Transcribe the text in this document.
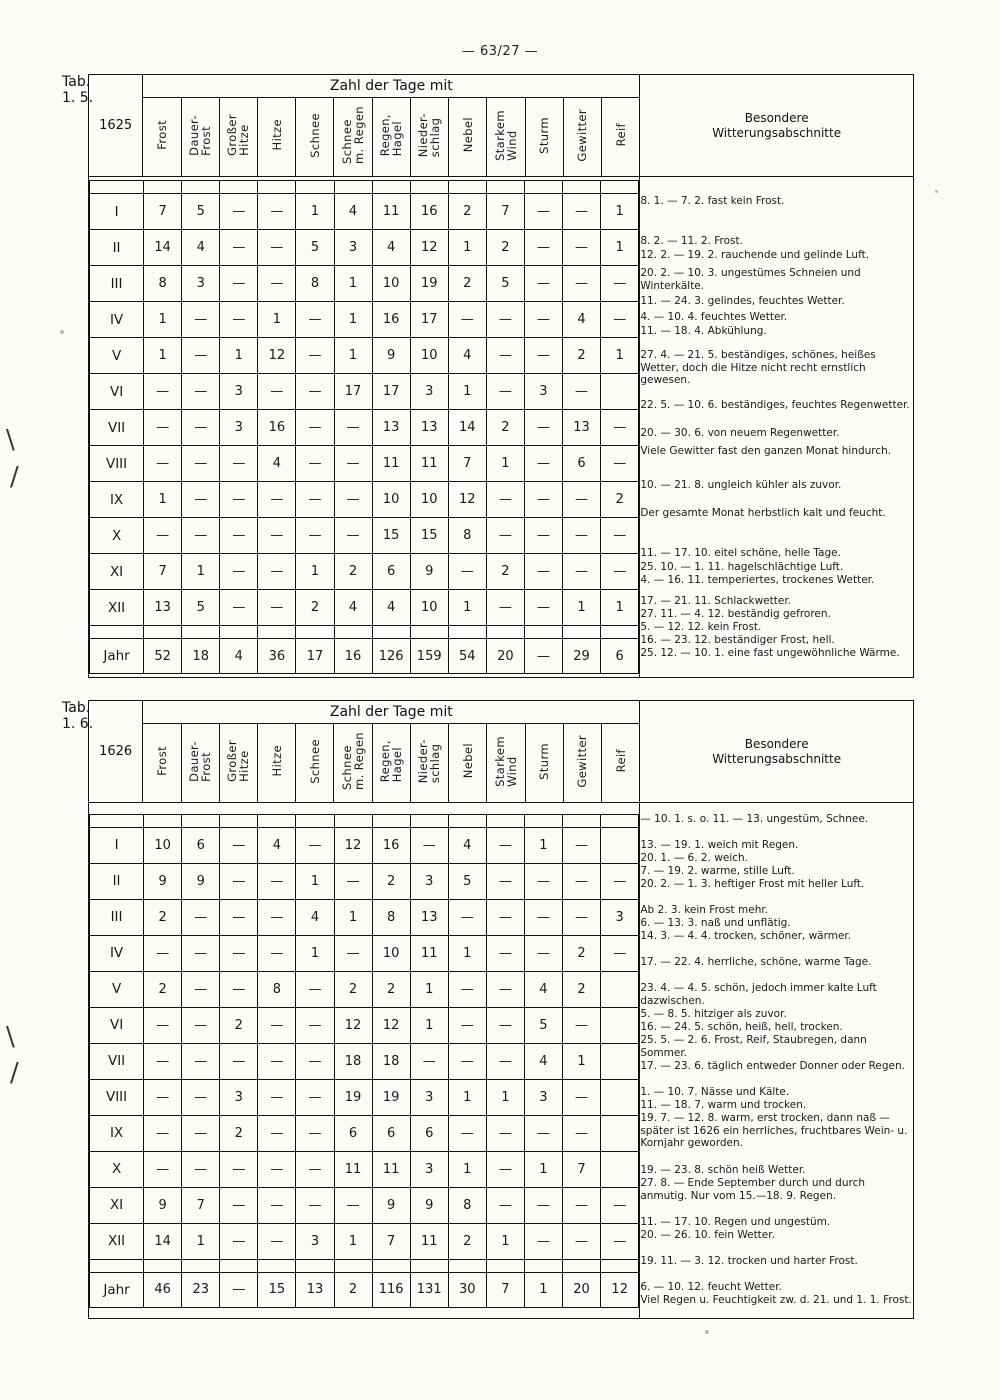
— 63/27 —
\
/
\
/
Tab.
1. 5.
1625	Zahl der Tage mit	Besondere
Witterungsabschnitte
Frost	Dauer-
Frost	Großer
Hitze	Hitze	Schnee	Schnee
m. Regen	Regen,
Hagel	Nieder-
schlag	Nebel	Starkem
Wind	Sturm	Gewitter	Reif

I	7	5	—	—	1	4	11	16	2	7	—	—	1
II	14	4	—	—	5	3	4	12	1	2	—	—	1
III	8	3	—	—	8	1	10	19	2	5	—	—	—
IV	1	—	—	1	—	1	16	17	—	—	—	4	—
V	1	—	1	12	—	1	9	10	4	—	—	2	1
VI	—	—	3	—	—	17	17	3	1	—	3	—	
VII	—	—	3	16	—	—	13	13	14	2	—	13	—
VIII	—	—	—	4	—	—	11	11	7	1	—	6	—
IX	1	—	—	—	—	—	10	10	12	—	—	—	2
X	—	—	—	—	—	—	15	15	8	—	—	—	—
XI	7	1	—	—	1	2	6	9	—	2	—	—	—
XII	13	5	—	—	2	4	4	10	1	—	—	1	1

Jahr	52	18	4	36	17	16	126	159	54	20	—	29	6

8. 1. — 7. 2. fast kein Frost.

8. 2. — 11. 2. Frost.

12. 2. — 19. 2. rauchende und gelinde Luft.

20. 2. — 10. 3. ungestümes Schneien und Winterkälte.

11. — 24. 3. gelindes, feuchtes Wetter.

4. — 10. 4. feuchtes Wetter.

11. — 18. 4. Abkühlung.

27. 4. — 21. 5. beständiges, schönes, heißes Wetter, doch die Hitze nicht recht ernstlich gewesen.

22. 5. — 10. 6. beständiges, feuchtes Regenwetter.

20. — 30. 6. von neuem Regenwetter.

Viele Gewitter fast den ganzen Monat hindurch.

10. — 21. 8. ungleich kühler als zuvor.

Der gesamte Monat herbstlich kalt und feucht.

11. — 17. 10. eitel schöne, helle Tage.

25. 10. — 1. 11. hagelschlächtige Luft.

4. — 16. 11. temperiertes, trockenes Wetter.

17. — 21. 11. Schlackwetter.

27. 11. — 4. 12. beständig gefroren.

5. — 12. 12. kein Frost.

16. — 23. 12. beständiger Frost, hell.

25. 12. — 10. 1. eine fast ungewöhnliche Wärme.

Tab.
1. 6.
1626	Zahl der Tage mit	Besondere
Witterungsabschnitte
Frost	Dauer-
Frost	Großer
Hitze	Hitze	Schnee	Schnee
m. Regen	Regen,
Hagel	Nieder-
schlag	Nebel	Starkem
Wind	Sturm	Gewitter	Reif

I	10	6	—	4	—	12	16	—	4	—	1	—	
II	9	9	—	—	1	—	2	3	5	—	—	—	—
III	2	—	—	—	4	1	8	13	—	—	—	—	3
IV	—	—	—	—	1	—	10	11	1	—	—	2	—
V	2	—	—	8	—	2	2	1	—	—	4	2	
VI	—	—	2	—	—	12	12	1	—	—	5	—	
VII	—	—	—	—	—	18	18	—	—	—	4	1	
VIII	—	—	3	—	—	19	19	3	1	1	3	—	
IX	—	—	2	—	—	6	6	6	—	—	—	—	
X	—	—	—	—	—	11	11	3	1	—	1	7	
XI	9	7	—	—	—	—	9	9	8	—	—	—	—
XII	14	1	—	—	3	1	7	11	2	1	—	—	—

Jahr	46	23	—	15	13	2	116	131	30	7	1	20	12

— 10. 1. s. o. 11. — 13. ungestüm, Schnee.

13. — 19. 1. weich mit Regen.

20. 1. — 6. 2. weich.

7. — 19. 2. warme, stille Luft.

20. 2. — 1. 3. heftiger Frost mit heller Luft.

Ab 2. 3. kein Frost mehr.

6. — 13. 3. naß und unflätig.

14. 3. — 4. 4. trocken, schöner, wärmer.

17. — 22. 4. herrliche, schöne, warme Tage.

23. 4. — 4. 5. schön, jedoch immer kalte Luft dazwischen.

5. — 8. 5. hitziger als zuvor.

16. — 24. 5. schön, heiß, hell, trocken.

25. 5. — 2. 6. Frost, Reif, Staubregen, dann Sommer.

17. — 23. 6. täglich entweder Donner oder Regen.

1. — 10. 7. Nässe und Kälte.

11. — 18. 7. warm und trocken.

19. 7. — 12. 8. warm, erst trocken, dann naß — später ist 1626 ein herrliches, fruchtbares Wein- u. Kornjahr geworden.

19. — 23. 8. schön heiß Wetter.

27. 8. — Ende September durch und durch anmutig. Nur vom 15.—18. 9. Regen.

11. — 17. 10. Regen und ungestüm.

20. — 26. 10. fein Wetter.

19. 11. — 3. 12. trocken und harter Frost.

6. — 10. 12. feucht Wetter.

Viel Regen u. Feuchtigkeit zw. d. 21. und 1. 1. Frost.
